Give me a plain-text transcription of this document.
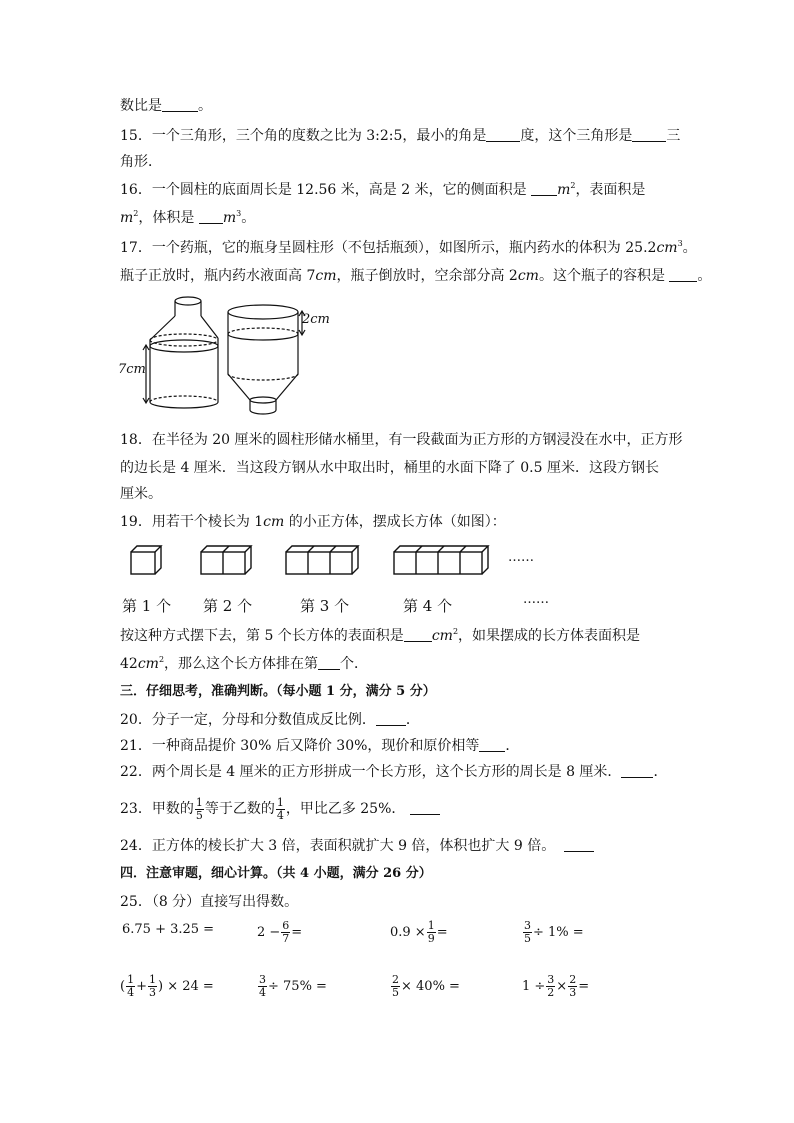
数比是	。
15．一个三角形，三个角的度数之比为 3:2:5，最小的角是 度，这个三角形是 三
角形．
16．一个圆柱的底面周长是 12.56 米，高是 2 米，它的侧面积是 $m^2$，表面积是
$m^2$，体积是 $m^3$。
17．一个药瓶，它的瓶身呈圆柱形（不包括瓶颈），如图所示，瓶内药水的体积为 $25.2cm^3$。
瓶子正放时，瓶内药水液面高 7cm，瓶子倒放时，空余部分高 2cm。这个瓶子的容积是 。
7cm
2cm
18．在半径为 20 厘米的圆柱形储水桶里，有一段截面为正方形的方钢浸没在水中，正方形
的边长是 4 厘米．当这段方钢从水中取出时，桶里的水面下降了 0.5 厘米．这段方钢长
厘米。
19．用若干个棱长为 1cm 的小正方体，摆成长方体（如图）：
……
第 1 个 第 2 个	第 3 个	第 4 个	……
按这种方式摆下去，第 5 个长方体的表面积是 $cm^2$，如果摆成的长方体表面积是
$42cm^2$，那么这个长方体排在第 个．
三．仔细思考，准确判断。（每小题 1 分，满分 5 分）
20．分子一定，分母和分数值成反比例． ．
21．一种商品提价 30% 后又降价 30%，现价和原价相等 ．
22．两个周长是 4 厘米的正方形拼成一个长方形，这个长方形的周长是 8 厘米． ．
23．甲数的 $\frac{1}{5}$ 等于乙数的 $\frac{1}{4}$ ，甲比乙多 25%．
24．正方体的棱长扩大 3 倍，表面积就扩大 9 倍，体积也扩大 9 倍。
四．注意审题，细心计算。（共 4 小题，满分 26 分）
25．（8 分）直接写出得数。
6.75 + 3.25 =	$2 - \frac{6}{7}$ =	$0.9 \times \frac{1}{9}$ =	$\frac{3}{5} \div 1\%$ =
( $\frac{1}{4} + \frac{1}{3}$ ) × 24 =	$\frac{3}{4} \div 75\%$ =	$\frac{2}{5} \times 40\%$ =	$1 \div \frac{3}{2} \times \frac{2}{3}$ =
